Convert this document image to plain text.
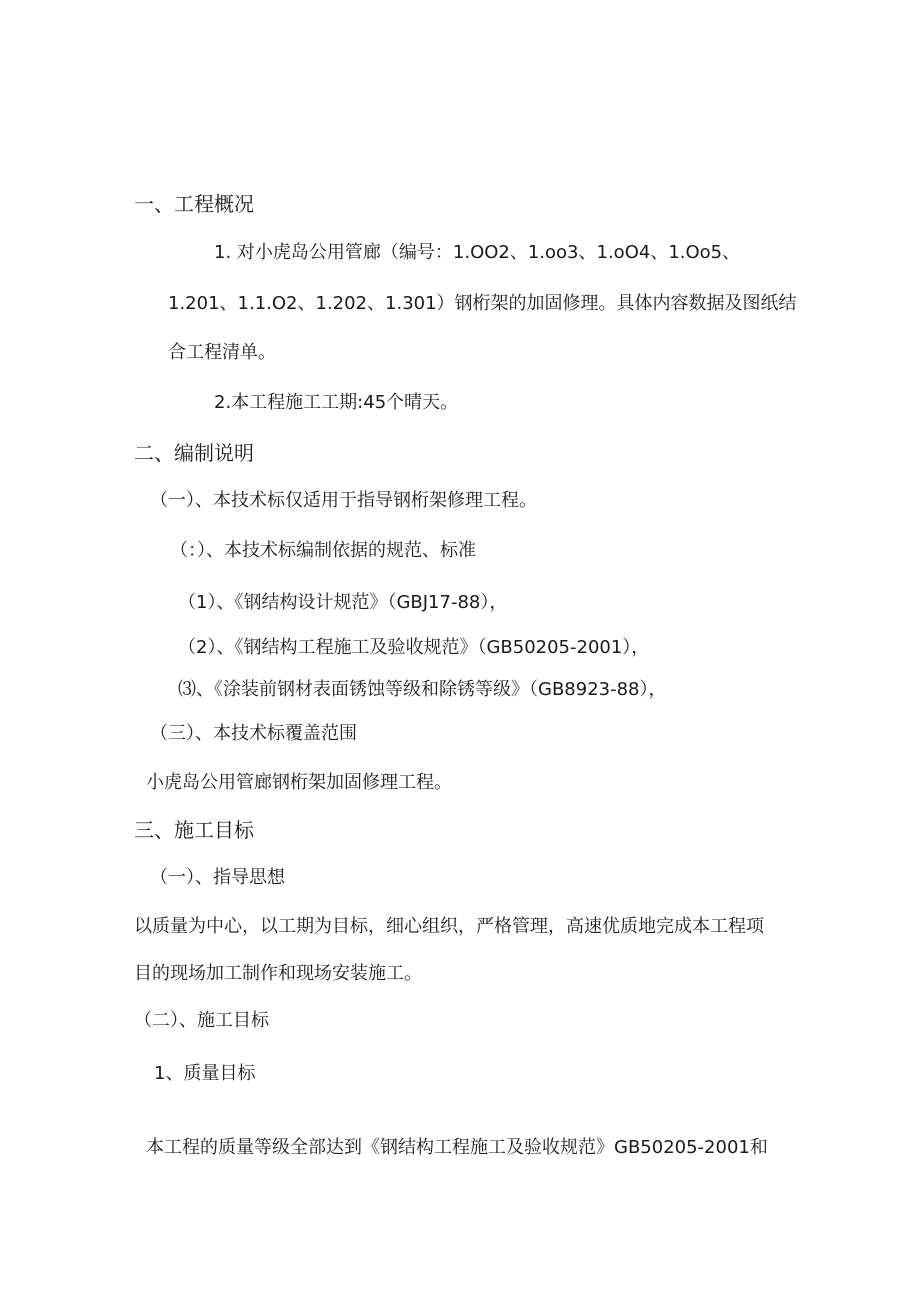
一、工程概况
1. 对小虎岛公用管廊（编号：1.OO2、1.oo3、1.oO4、1.Oo5、
1.201、1.1.O2、1.202、1.301）钢桁架的加固修理。具体内容数据及图纸结
合工程清单。
2.本工程施工工期:45个晴天。
二、编制说明
（一）、本技术标仅适用于指导钢桁架修理工程。
（：）、本技术标编制依据的规范、标准
（1）、《钢结构设计规范》（GBJ17-88），
（2）、《钢结构工程施工及验收规范》（GB50205-2001），
⑶、《涂装前钢材表面锈蚀等级和除锈等级》（GB8923-88），
（三）、本技术标覆盖范围
小虎岛公用管廊钢桁架加固修理工程。
三、施工目标
（一）、指导思想
以质量为中心，以工期为目标，细心组织，严格管理，高速优质地完成本工程项
目的现场加工制作和现场安装施工。
（二）、施工目标
1、质量目标
本工程的质量等级全部达到《钢结构工程施工及验收规范》GB50205-2001和
